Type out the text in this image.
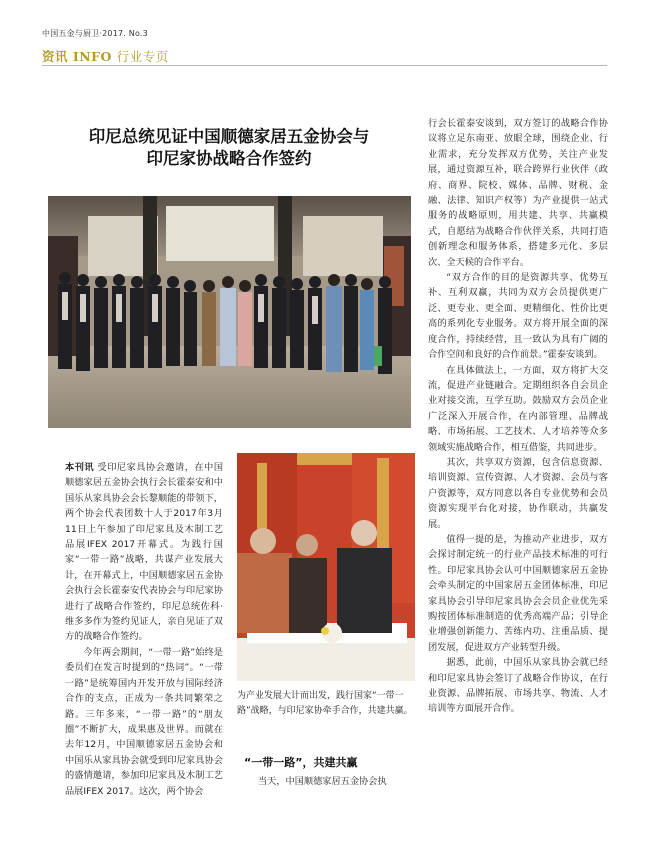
中国五金与厨卫·2017. No.3
资讯 INFO 行业专页
印尼总统见证中国顺德家居五金协会与
印尼家协战略合作签约

本刊讯 受印尼家具协会邀请，在中国顺德家居五金协会执行会长霍泰安和中国乐从家具协会会长黎顺能的带领下，两个协会代表团数十人于2017年3月11日上午参加了印尼家具及木制工艺品展IFEX 2017开幕式。为践行国家“一带一路”战略，共谋产业发展大计，在开幕式上，中国顺德家居五金协会执行会长霍泰安代表协会与印尼家协进行了战略合作签约，印尼总统佐科·维多多作为签约见证人，亲自见证了双方的战略合作签约。

今年两会期间，“一带一路”始终是委员们在发言时提到的“热词”。“一带一路”是统筹国内开发开放与国际经济合作的支点，正成为一条共同繁荣之路。三年多来，“一带一路”的“朋友圈”不断扩大，成果惠及世界。而就在去年12月，中国顺德家居五金协会和中国乐从家具协会就受到印尼家具协会的盛情邀请，参加印尼家具及木制工艺品展IFEX 2017。这次，两个协会

为产业发展大计而出发，践行国家“一带一路”战略，与印尼家协牵手合作，共建共赢。
“一带一路”，共建共赢
当天，中国顺德家居五金协会执

行会长霍泰安谈到，双方签订的战略合作协议将立足东南亚、放眼全球，围绕企业、行业需求，充分发挥双方优势，关注产业发展，通过资源互补，联合跨界行业伙伴（政府、商界、院校、媒体、品牌、财税、金融、法律、知识产权等）为产业提供一站式服务的战略原则，用共建、共享、共赢模式，自愿结为战略合作伙伴关系，共同打造创新理念和服务体系，搭建多元化、多层次、全天候的合作平台。

“双方合作的目的是资源共享、优势互补、互利双赢，共同为双方会员提供更广泛、更专业、更全面、更精细化、性价比更高的系列化专业服务。双方将开展全面的深度合作，持续经营，且一致认为具有广阔的合作空间和良好的合作前景。”霍泰安谈到。

在具体做法上，一方面，双方将扩大交流，促进产业链融合。定期组织各自会员企业对接交流，互学互助。鼓励双方会员企业广泛深入开展合作，在内部管理、品牌战略、市场拓展、工艺技术、人才培养等众多领域实施战略合作，相互借鉴，共同进步。

其次，共享双方资源，包含信息资源、培训资源、宣传资源、人才资源、会员与客户资源等，双方同意以各自专业优势和会员资源实现平台化对接，协作联动，共赢发展。

值得一提的是，为推动产业进步，双方会探讨制定统一的行业产品技术标准的可行性。印尼家具协会认可中国顺德家居五金协会牵头制定的中国家居五金团体标准，印尼家具协会引导印尼家具协会会员企业优先采购按团体标准制造的优秀高端产品；引导企业增强创新能力、苦练内功、注重品质、提团发展，促进双方产业转型升级。

据悉，此前，中国乐从家具协会就已经和印尼家具协会签订了战略合作协议，在行业资源、品牌拓展、市场共享、物流、人才培训等方面展开合作。
